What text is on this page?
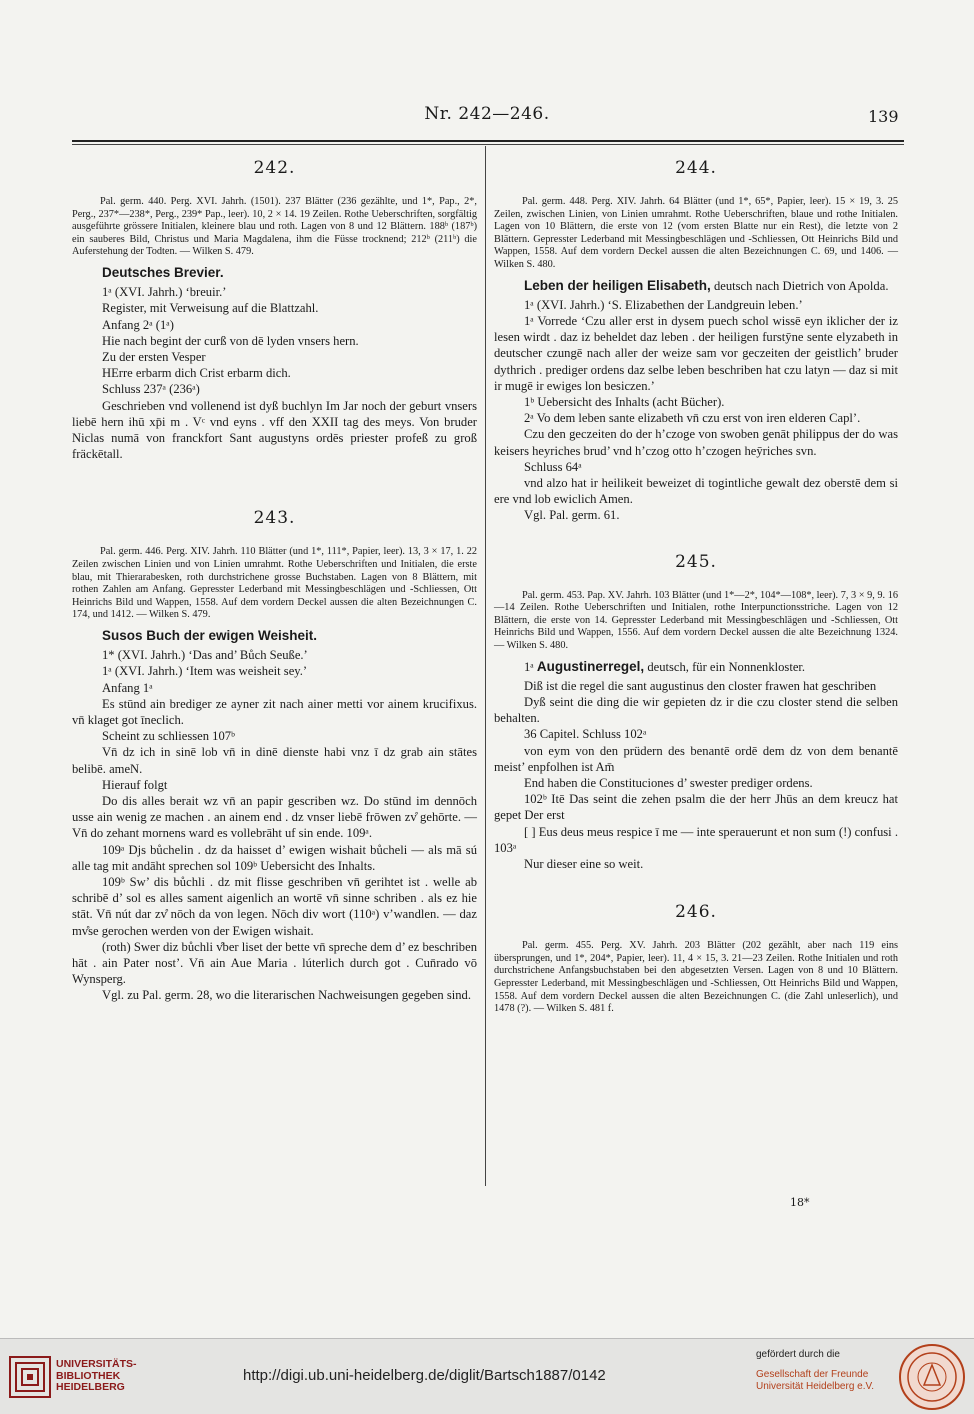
Nr. 242—246.	139
242.
Pal. germ. 440. Perg. XVI. Jahrh. (1501). 237 Blätter (236 gezählte, und 1*, Pap., 2*, Perg., 237*—238*, Perg., 239* Pap., leer). 10, 2 × 14. 19 Zeilen. Rothe Ueberschriften, sorgfältig ausgeführte grössere Initialen, kleinere blau und roth. Lagen von 8 und 12 Blättern. 188ᵇ (187ᵇ) ein sauberes Bild, Christus und Maria Magdalena, ihm die Füsse trocknend; 212ᵇ (211ᵇ) die Auferstehung der Todten. — Wilken S. 479.
Deutsches Brevier.
1ᵃ (XVI. Jahrh.) ‘breuir.’
Register, mit Verweisung auf die Blattzahl.
Anfang 2ᵃ (1ᵃ)
Hie nach begint der curß von dē lyden vnsers hern.
Zu der ersten Vesper
HErre erbarm dich Crist erbarm dich.
Schluss 237ᵃ (236ᵃ)
Geschrieben vnd vollenend ist dyß buchlyn Im Jar noch der geburt vnsers liebē hern ihū xp̄i m . Vᶜ vnd eyns . vff den XXII tag des meys. Von bruder Niclas numā von franckfort Sant augustyns ordēs priester profeß zu groß fräckētall.
243.
Pal. germ. 446. Perg. XIV. Jahrh. 110 Blätter (und 1*, 111*, Papier, leer). 13, 3 × 17, 1. 22 Zeilen zwischen Linien und von Linien umrahmt. Rothe Ueberschriften und Initialen, die erste blau, mit Thierarabesken, roth durchstrichene grosse Buchstaben. Lagen von 8 Blättern, mit rothen Zahlen am Anfang. Gepresster Lederband mit Messingbeschlägen und -Schliessen, Ott Heinrichs Bild und Wappen, 1558. Auf dem vordern Deckel aussen die alten Bezeichnungen C. 174, und 1412. — Wilken S. 479.
Susos Buch der ewigen Weisheit.
1* (XVI. Jahrh.) ‘Das and’ Bůch Seuße.’
1ᵃ (XVI. Jahrh.) ‘Item was weisheit sey.’
Anfang 1ᵃ
Es stūnd ain brediger ze ayner zit nach ainer metti vor ainem krucifixus. vn̄ klaget got īneclich.
Scheint zu schliessen 107ᵇ
Vn̄ dz ich in sinē lob vn̄ in dinē dienste habi vnz ī dz grab ain stātes belibē. ameN.
Hierauf folgt
Do dis alles berait wz vn̄ an papir gescriben wz. Do stūnd im dennōch usse ain wenig ze machen . an ainem end . dz vnser liebē frōwen zv̊ gehōrte. — Vn̄ do zehant mornens ward es vollebrāht uf sin ende. 109ᵃ.
109ᵃ Djs bůchelin . dz da haisset d’ ewigen wishait bůcheli — als mā sú alle tag mit andāht sprechen sol 109ᵇ Uebersicht des Inhalts.
109ᵇ Sw’ dis bůchli . dz mit flisse geschriben vn̄ gerihtet ist . welle ab schribē d’ sol es alles sament aigenlich an wortē vn̄ sinne schriben . als ez hie stāt. Vn̄ nút dar zv̊ nōch da von legen. Nōch div wort (110ᵃ) v’wandlen. — daz mv̊se gerochen werden von der Ewigen wishait.
(roth) Swer diz bůchli v̊ber liset der bette vn̄ spreche dem d’ ez beschriben hāt . ain Pater nost’. Vn̄ ain Aue Maria . lúterlich durch got . Cun̄rado vō Wynsperg.
Vgl. zu Pal. germ. 28, wo die literarischen Nachweisungen gegeben sind.
244.
Pal. germ. 448. Perg. XIV. Jahrh. 64 Blätter (und 1*, 65*, Papier, leer). 15 × 19, 3. 25 Zeilen, zwischen Linien, von Linien umrahmt. Rothe Ueberschriften, blaue und rothe Initialen. Lagen von 10 Blättern, die erste von 12 (vom ersten Blatte nur ein Rest), die letzte von 2 Blättern. Gepresster Lederband mit Messingbeschlägen und -Schliessen, Ott Heinrichs Bild und Wappen, 1558. Auf dem vordern Deckel aussen die alten Bezeichnungen C. 69, und 1406. — Wilken S. 480.
Leben der heiligen Elisabeth, deutsch nach Dietrich von Apolda.
1ᵃ (XVI. Jahrh.) ‘S. Elizabethen der Landgreuin leben.’
1ᵃ Vorrede ‘Czu aller erst in dysem puech schol wissē eyn iklicher der iz lesen wirdt . daz iz beheldet daz leben . der heiligen furstȳne sente elyzabeth in deutscher czungē nach aller der weize sam vor geczeiten der geistlich’ bruder dythrich . prediger ordens daz selbe leben beschriben hat czu latyn — daz si mit ir mugē ir ewiges lon besiczen.’
1ᵇ Uebersicht des Inhalts (acht Bücher).
2ᵃ Vo dem leben sante elizabeth vn̄ czu erst von iren elderen Capl’.
Czu den geczeiten do der h’czoge von swoben genāt philippus der do was keisers heyriches brud’ vnd h’czog otto h’czogen heȳriches svn.
Schluss 64ᵃ
vnd alzo hat ir heilikeit beweizet di togintliche gewalt dez oberstē dem si ere vnd lob ewiclich Amen.
Vgl. Pal. germ. 61.
245.
Pal. germ. 453. Pap. XV. Jahrh. 103 Blätter (und 1*—2*, 104*—108*, leer). 7, 3 × 9, 9. 16—14 Zeilen. Rothe Ueberschriften und Initialen, rothe Interpunctionsstriche. Lagen von 12 Blättern, die erste von 14. Gepresster Lederband mit Messingbeschlägen und -Schliessen, Ott Heinrichs Bild und Wappen, 1556. Auf dem vordern Deckel aussen die alte Bezeichnung 1324. — Wilken S. 480.
1ᵃ Augustinerregel, deutsch, für ein Nonnenkloster.
Diß ist die regel die sant augustinus den closter frawen hat geschriben
Dyß seint die ding die wir gepieten dz ir die czu closter stend die selben behalten.
36 Capitel. Schluss 102ᵃ
von eym von den prüdern des benantē ordē dem dz von dem benantē meist’ enpfolhen ist Am̄
End haben die Constituciones d’ swester prediger ordens.
102ᵇ Itē Das seint die zehen psalm die der herr Jhūs an dem kreucz hat gepet Der erst
[ ] Eus deus meus respice ī me — inte sperauerunt et non sum (!) confusi . 103ᵃ
Nur dieser eine so weit.
246.
Pal. germ. 455. Perg. XV. Jahrh. 203 Blätter (202 gezählt, aber nach 119 eins übersprungen, und 1*, 204*, Papier, leer). 11, 4 × 15, 3. 21—23 Zeilen. Rothe Initialen und roth durchstrichene Anfangsbuchstaben bei den abgesetzten Versen. Lagen von 8 und 10 Blättern. Gepresster Lederband, mit Messingbeschlägen und -Schliessen, Ott Heinrichs Bild und Wappen, 1558. Auf dem vordern Deckel aussen die alten Bezeichnungen C. (die Zahl unleserlich), und 1478 (?). — Wilken S. 481 f.
18*
UNIVERSITÄTS-
BIBLIOTHEK
HEIDELBERG
http://digi.ub.uni-heidelberg.de/diglit/Bartsch1887/0142
gefördert durch die
Gesellschaft der Freunde
Universität Heidelberg e.V.
